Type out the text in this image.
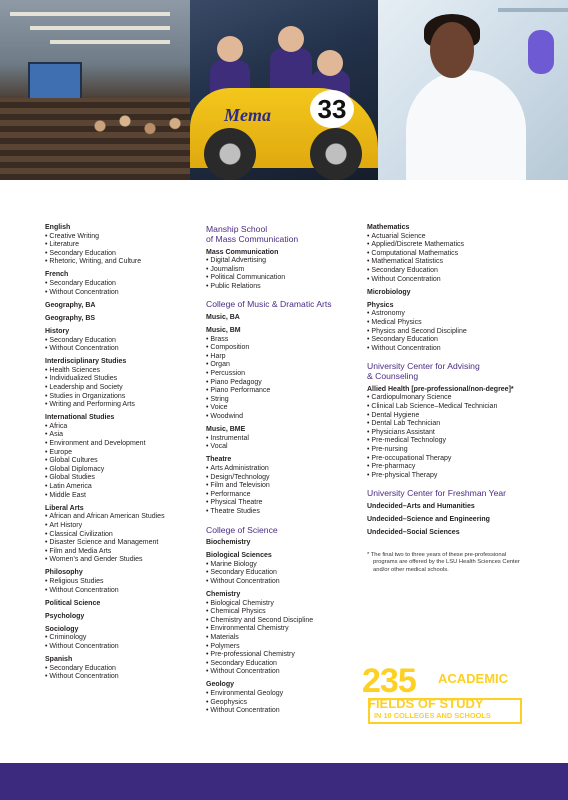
Mema 33
English
• Creative Writing
• Literature
• Secondary Education
• Rhetoric, Writing, and Culture
French
• Secondary Education
• Without Concentration
Geography, BA
Geography, BS
History
• Secondary Education
• Without Concentration
Interdisciplinary Studies
• Health Sciences
• Individualized Studies
• Leadership and Society
• Studies in Organizations
• Writing and Performing Arts
International Studies
• Africa
• Asia
• Environment and Development
• Europe
• Global Cultures
• Global Diplomacy
• Global Studies
• Latin America
• Middle East
Liberal Arts
• African and African American Studies
• Art History
• Classical Civilization
• Disaster Science and Management
• Film and Media Arts
• Women’s and Gender Studies
Philosophy
• Religious Studies
• Without Concentration
Political Science
Psychology
Sociology
• Criminology
• Without Concentration
Spanish
• Secondary Education
• Without Concentration
Manship School
of Mass Communication
Mass Communication
• Digital Advertising
• Journalism
• Political Communication
• Public Relations
College of Music & Dramatic Arts
Music, BA
Music, BM
• Brass
• Composition
• Harp
• Organ
• Percussion
• Piano Pedagogy
• Piano Performance
• String
• Voice
• Woodwind
Music, BME
• Instrumental
• Vocal
Theatre
• Arts Administration
• Design/Technology
• Film and Television
• Performance
• Physical Theatre
• Theatre Studies
College of Science
Biochemistry
Biological Sciences
• Marine Biology
• Secondary Education
• Without Concentration
Chemistry
• Biological Chemistry
• Chemical Physics
• Chemistry and Second Discipline
• Environmental Chemistry
• Materials
• Polymers
• Pre-professional Chemistry
• Secondary Education
• Without Concentration
Geology
• Environmental Geology
• Geophysics
• Without Concentration
Mathematics
• Actuarial Science
• Applied/Discrete Mathematics
• Computational Mathematics
• Mathematical Statistics
• Secondary Education
• Without Concentration
Microbiology
Physics
• Astronomy
• Medical Physics
• Physics and Second Discipline
• Secondary Education
• Without Concentration
University Center for Advising
& Counseling
Allied Health [pre-professional/non-degree]*
• Cardiopulmonary Science
• Clinical Lab Science–Medical Technician
• Dental Hygiene
• Dental Lab Technician
• Physicians Assistant
• Pre-medical Technology
• Pre-nursing
• Pre-occupational Therapy
• Pre-pharmacy
• Pre-physical Therapy
University Center for Freshman Year
Undecided–Arts and Humanities
Undecided–Science and Engineering
Undecided–Social Sciences
* The final two to three years of these pre-professional programs are offered by the LSU Health Sciences Center and/or other medical schools.
235 ACADEMIC
FIELDS OF STUDY
IN 10 COLLEGES AND SCHOOLS
